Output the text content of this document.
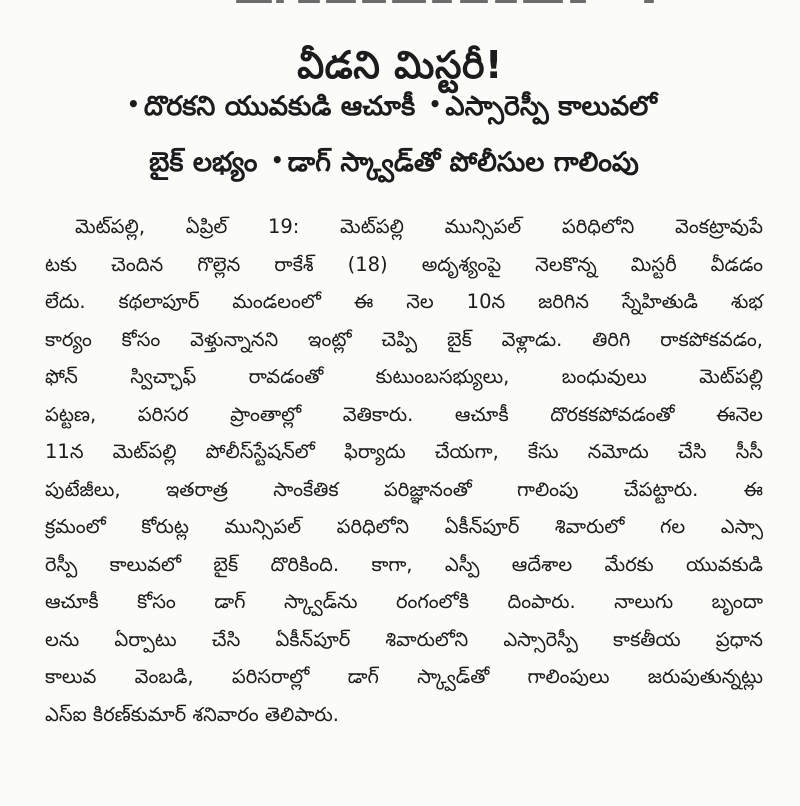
వీడని మిస్టరీ!
• దొరకని యువకుడి ఆచూకీ • ఎస్సారెస్పీ కాలువలో
బైక్ లభ్యం • డాగ్ స్క్వాడ్‌తో పోలీసుల గాలింపు
మెట్‌పల్లి, ఏప్రిల్ 19: మెట్‌పల్లి మున్సిపల్ పరిధిలోని వెంకట్రావుపే
టకు చెందిన గొల్లెన రాకేశ్ (18) అదృశ్యంపై నెలకొన్న మిస్టరీ వీడడం
లేదు. కథలాపూర్ మండలంలో ఈ నెల 10న జరిగిన స్నేహితుడి శుభ
కార్యం కోసం వెళ్తున్నానని ఇంట్లో చెప్పి బైక్ వెళ్లాడు. తిరిగి రాకపోకవడం,
ఫోన్ స్విచ్ఛాఫ్ రావడంతో కుటుంబసభ్యులు, బంధువులు మెట్‌పల్లి
పట్టణ, పరిసర ప్రాంతాల్లో వెతికారు. ఆచూకీ దొరకకపోవడంతో ఈనెల
11న మెట్‌పల్లి పోలీస్‌స్టేషన్‌లో ఫిర్యాదు చేయగా, కేసు నమోదు చేసి సీసీ
పుటేజీలు, ఇతరాత్ర సాంకేతిక పరిజ్ఞానంతో గాలింపు చేపట్టారు. ఈ
క్రమంలో కోరుట్ల మున్సిపల్ పరిధిలోని ఏకీన్‌పూర్ శివారులో గల ఎస్సా
రెస్పీ కాలువలో బైక్ దొరికింది. కాగా, ఎస్పీ ఆదేశాల మేరకు యువకుడి
ఆచూకీ కోసం డాగ్ స్క్వాడ్‌ను రంగంలోకి దింపారు. నాలుగు బృందా
లను ఏర్పాటు చేసి ఏకీన్‌పూర్ శివారులోని ఎస్సారెస్పీ కాకతీయ ప్రధాన
కాలువ వెంబడి, పరిసరాల్లో డాగ్ స్క్వాడ్‌తో గాలింపులు జరుపుతున్నట్లు
ఎస్ఐ కిరణ్‌కుమార్ శనివారం తెలిపారు.
